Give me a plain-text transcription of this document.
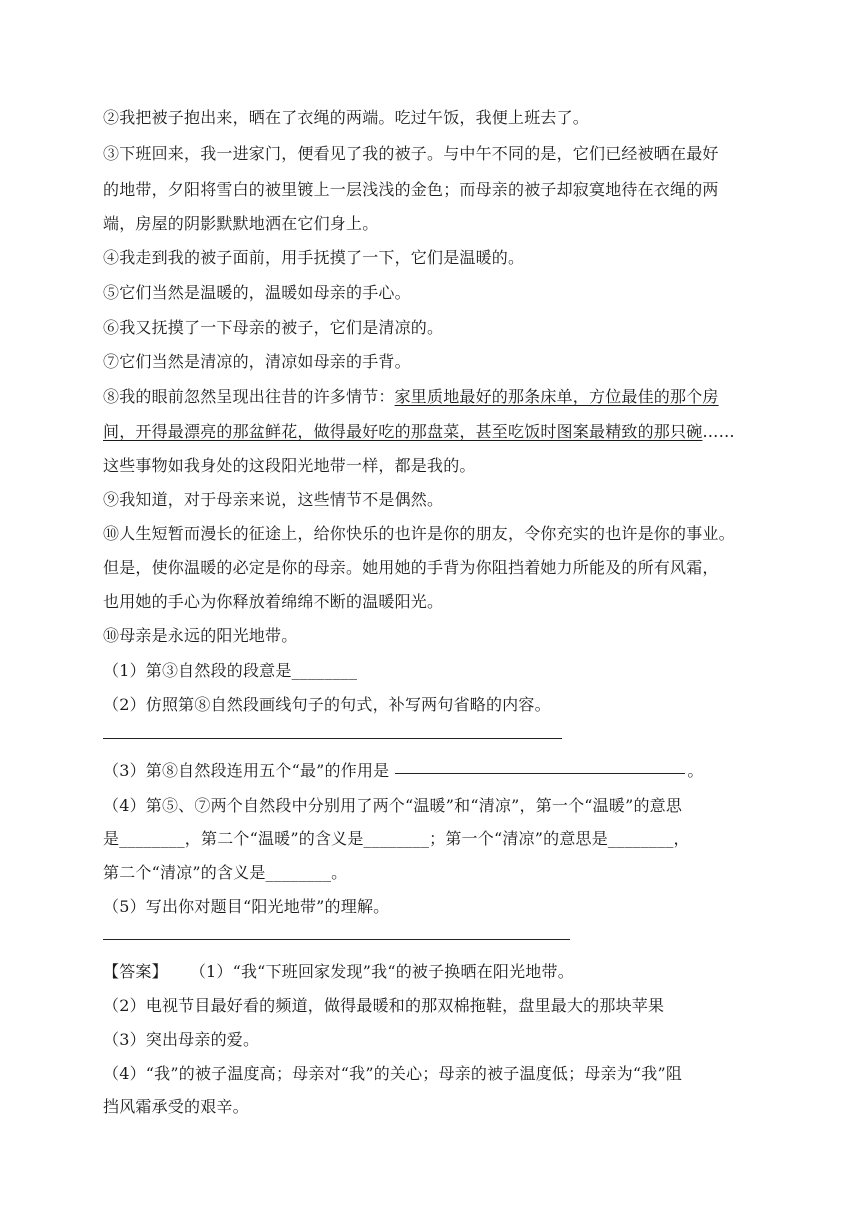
②我把被子抱出来，晒在了衣绳的两端。吃过午饭，我便上班去了。
③下班回来，我一进家门，便看见了我的被子。与中午不同的是，它们已经被晒在最好
的地带，夕阳将雪白的被里镀上一层浅浅的金色；而母亲的被子却寂寞地待在衣绳的两
端，房屋的阴影默默地洒在它们身上。
④我走到我的被子面前，用手抚摸了一下，它们是温暖的。
⑤它们当然是温暖的，温暖如母亲的手心。
⑥我又抚摸了一下母亲的被子，它们是清凉的。
⑦它们当然是清凉的，清凉如母亲的手背。
⑧我的眼前忽然呈现出往昔的许多情节：家里质地最好的那条床单，方位最佳的那个房
间，开得最漂亮的那盆鲜花，做得最好吃的那盘菜，甚至吃饭时图案最精致的那只碗……
这些事物如我身处的这段阳光地带一样，都是我的。
⑨我知道，对于母亲来说，这些情节不是偶然。
⑩人生短暂而漫长的征途上，给你快乐的也许是你的朋友，令你充实的也许是你的事业。
但是，使你温暖的必定是你的母亲。她用她的手背为你阻挡着她力所能及的所有风霜，
也用她的手心为你释放着绵绵不断的温暖阳光。
⑩母亲是永远的阳光地带。
（1）第③自然段的段意是________
（2）仿照第⑧自然段画线句子的句式，补写两句省略的内容。
（3）第⑧自然段连用五个“最”的作用是	。
（4）第⑤、⑦两个自然段中分别用了两个“温暖”和“清凉”，第一个“温暖”的意思
是________，第二个“温暖”的含义是________；第一个“清凉”的意思是________，
第二个“清凉”的含义是________。
（5）写出你对题目“阳光地带”的理解。
【答案】 （1）“我“下班回家发现”我“的被子换晒在阳光地带。
（2）电视节目最好看的频道，做得最暖和的那双棉拖鞋，盘里最大的那块苹果
（3）突出母亲的爱。
（4）“我”的被子温度高；母亲对“我”的关心；母亲的被子温度低；母亲为“我”阻
挡风霜承受的艰辛。
